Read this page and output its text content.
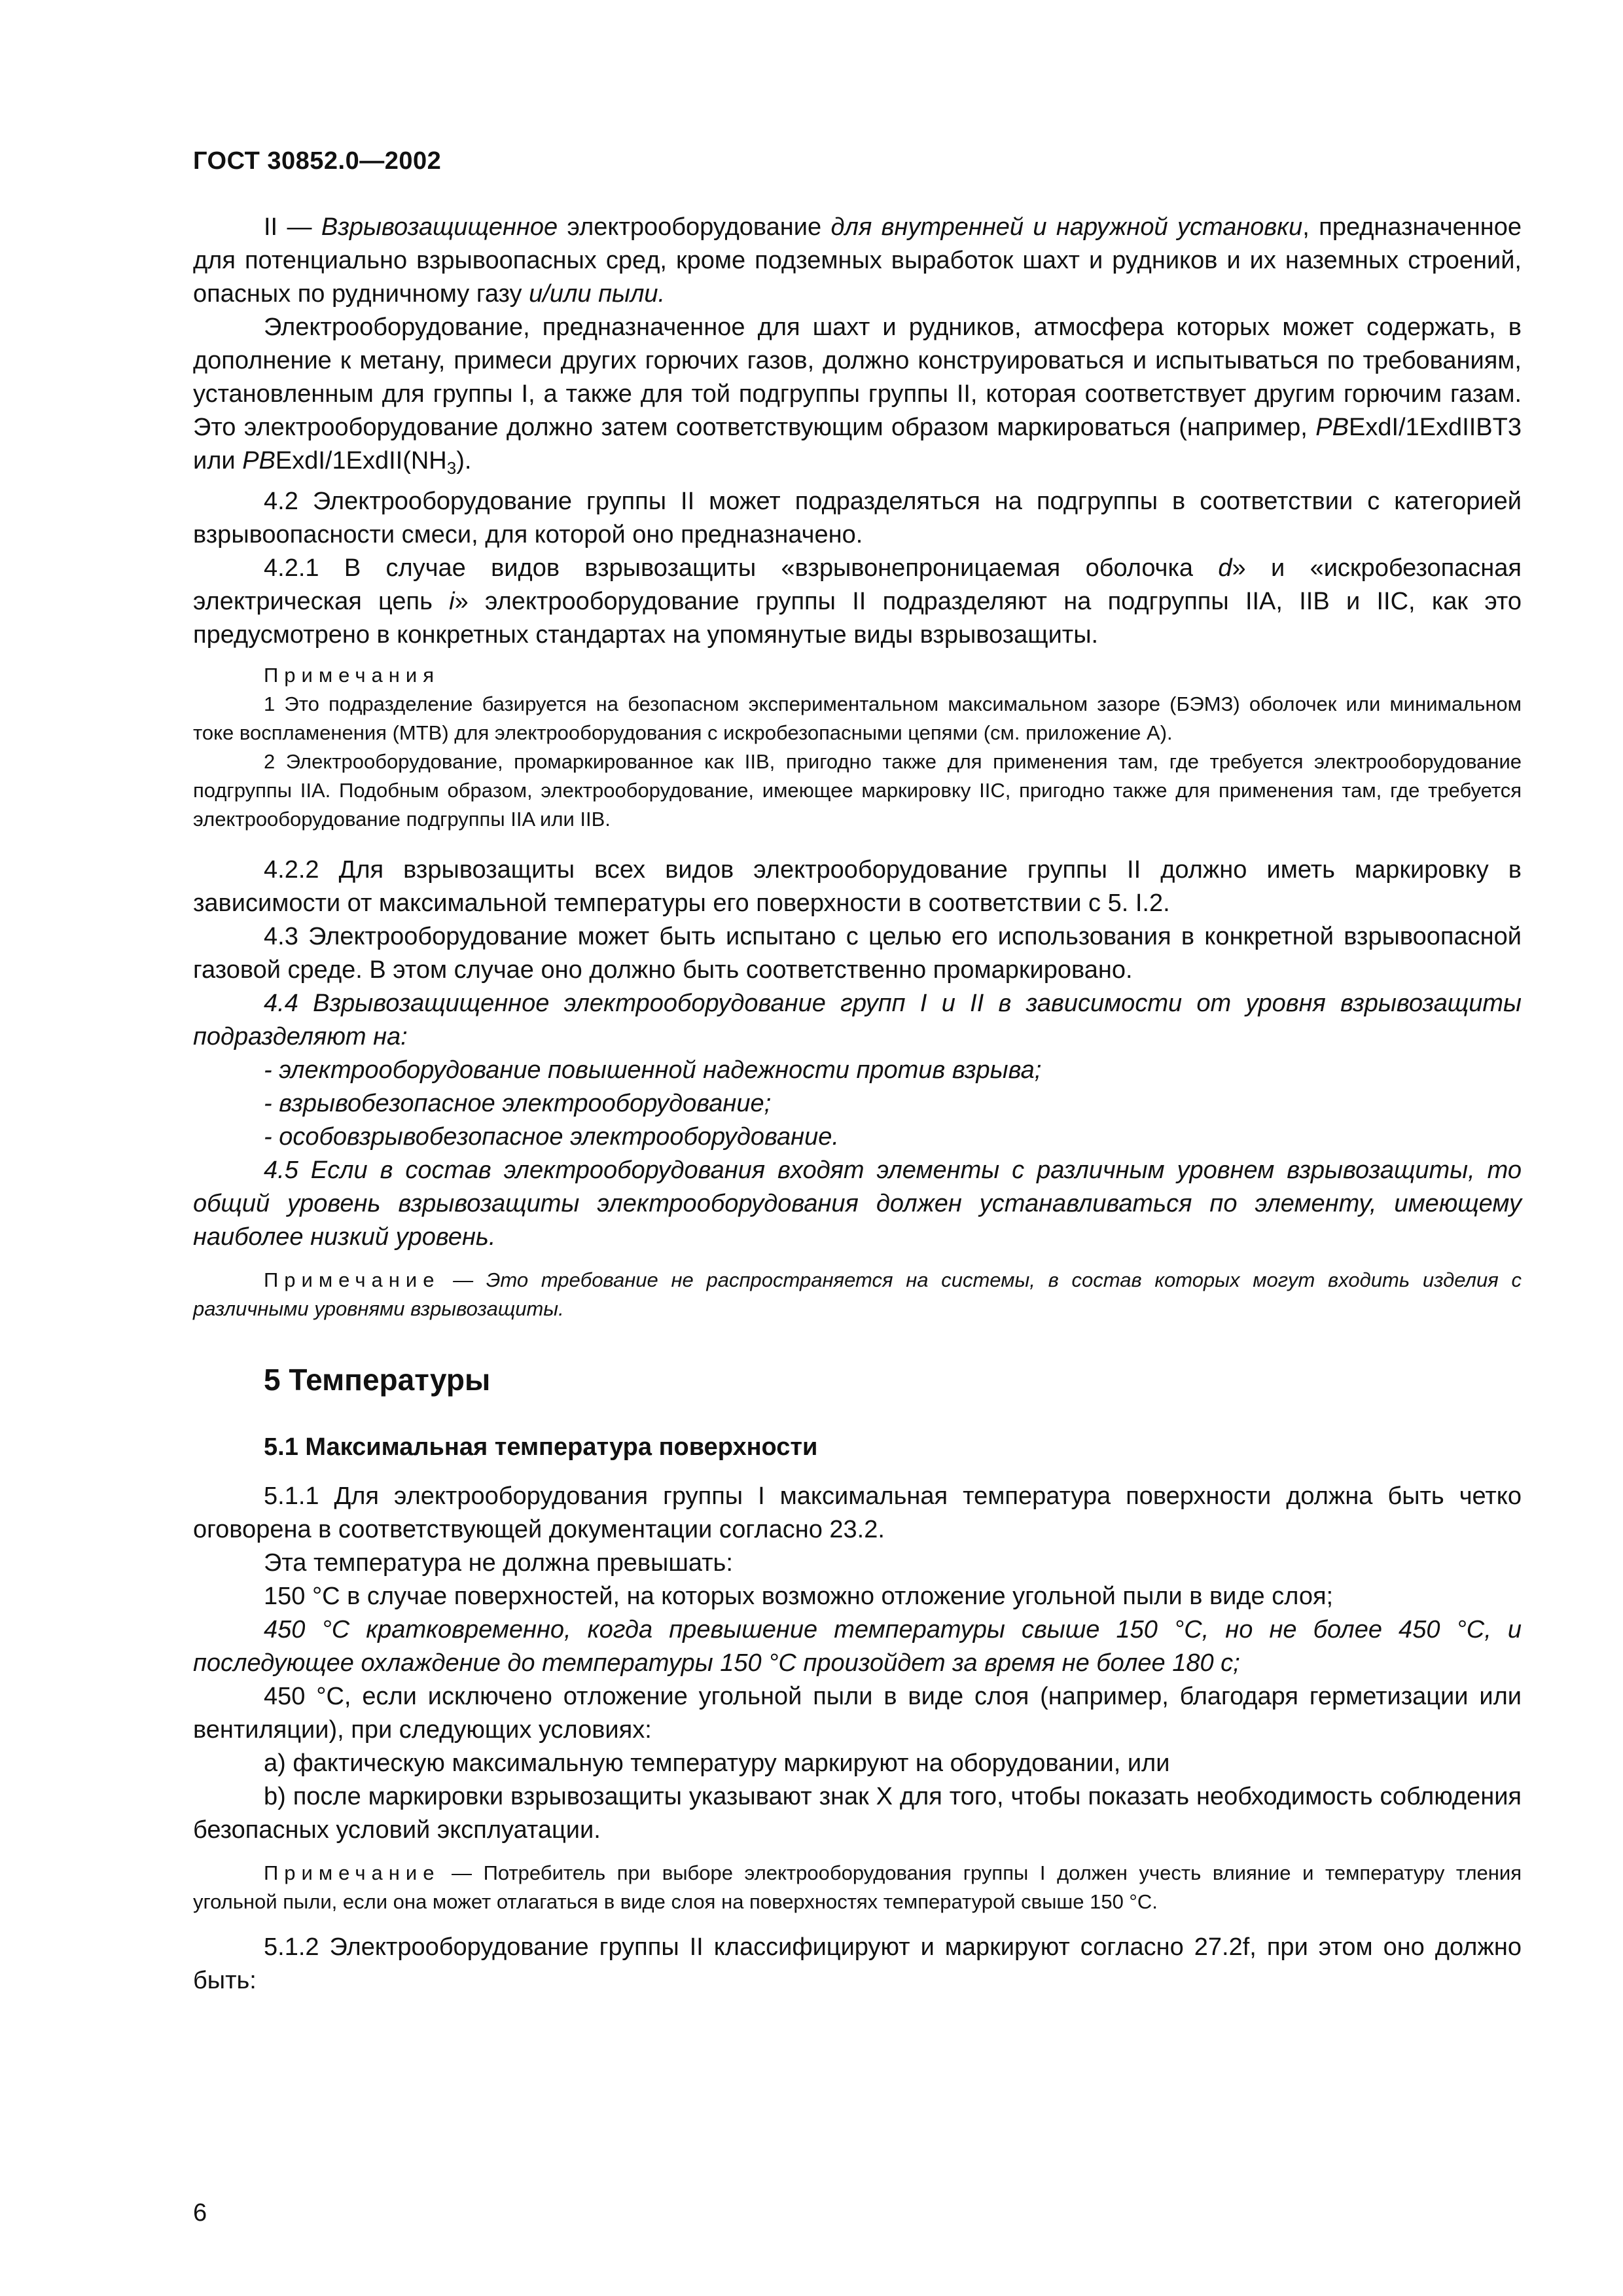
ГОСТ 30852.0—2002

II — Взрывозащищенное электрооборудование для внутренней и наружной установки, предназначенное для потенциально взрывоопасных сред, кроме подземных выработок шахт и рудников и их наземных строений, опасных по рудничному газу и/или пыли.

Электрооборудование, предназначенное для шахт и рудников, атмосфера которых может содержать, в дополнение к метану, примеси других горючих газов, должно конструироваться и испытываться по требованиям, установленным для группы I, а также для той подгруппы группы II, которая соответствует другим горючим газам. Это электрооборудование должно затем соответствующим образом маркироваться (например, PBExdI/1ExdIIBT3 или PBExdI/$1ExdII(NH_3)$.

4.2 Электрооборудование группы II может подразделяться на подгруппы в соответствии с категорией взрывоопасности смеси, для которой оно предназначено.

4.2.1 В случае видов взрывозащиты «взрывонепроницаемая оболочка d» и «искробезопасная электрическая цепь i» электрооборудование группы II подразделяют на подгруппы IIA, IIB и IIC, как это предусмотрено в конкретных стандартах на упомянутые виды взрывозащиты.

Примечания

1 Это подразделение базируется на безопасном экспериментальном максимальном зазоре (БЭМЗ) оболочек или минимальном токе воспламенения (МТВ) для электрооборудования с искробезопасными цепями (см. приложение А).

2 Электрооборудование, промаркированное как IIB, пригодно также для применения там, где требуется электрооборудование подгруппы IIA. Подобным образом, электрооборудование, имеющее маркировку IIC, пригодно также для применения там, где требуется электрооборудование подгруппы IIA или IIB.

4.2.2 Для взрывозащиты всех видов электрооборудование группы II должно иметь маркировку в зависимости от максимальной температуры его поверхности в соответствии с 5. I.2.

4.3 Электрооборудование может быть испытано с целью его использования в конкретной взрывоопасной газовой среде. В этом случае оно должно быть соответственно промаркировано.

4.4 Взрывозащищенное электрооборудование групп I и II в зависимости от уровня взрывозащиты подразделяют на:

- электрооборудование повышенной надежности против взрыва;

- взрывобезопасное электрооборудование;

- особовзрывобезопасное электрооборудование.

4.5 Если в состав электрооборудования входят элементы с различным уровнем взрывозащиты, то общий уровень взрывозащиты электрооборудования должен устанавливаться по элементу, имеющему наиболее низкий уровень.

Примечание — Это требование не распространяется на системы, в состав которых могут входить изделия с различными уровнями взрывозащиты.

5 Температуры
5.1 Максимальная температура поверхности

5.1.1 Для электрооборудования группы I максимальная температура поверхности должна быть четко оговорена в соответствующей документации согласно 23.2.

Эта температура не должна превышать:

150 °С в случае поверхностей, на которых возможно отложение угольной пыли в виде слоя;

450 °С кратковременно, когда превышение температуры свыше 150 °С, но не более 450 °С, и последующее охлаждение до температуры 150 °С произойдет за время не более 180 с;

450 °С, если исключено отложение угольной пыли в виде слоя (например, благодаря герметизации или вентиляции), при следующих условиях:

а) фактическую максимальную температуру маркируют на оборудовании, или

b) после маркировки взрывозащиты указывают знак X для того, чтобы показать необходимость соблюдения безопасных условий эксплуатации.

Примечание — Потребитель при выборе электрооборудования группы I должен учесть влияние и температуру тления угольной пыли, если она может отлагаться в виде слоя на поверхностях температурой свыше 150 °С.

5.1.2 Электрооборудование группы II классифицируют и маркируют согласно 27.2f, при этом оно должно быть:

6
